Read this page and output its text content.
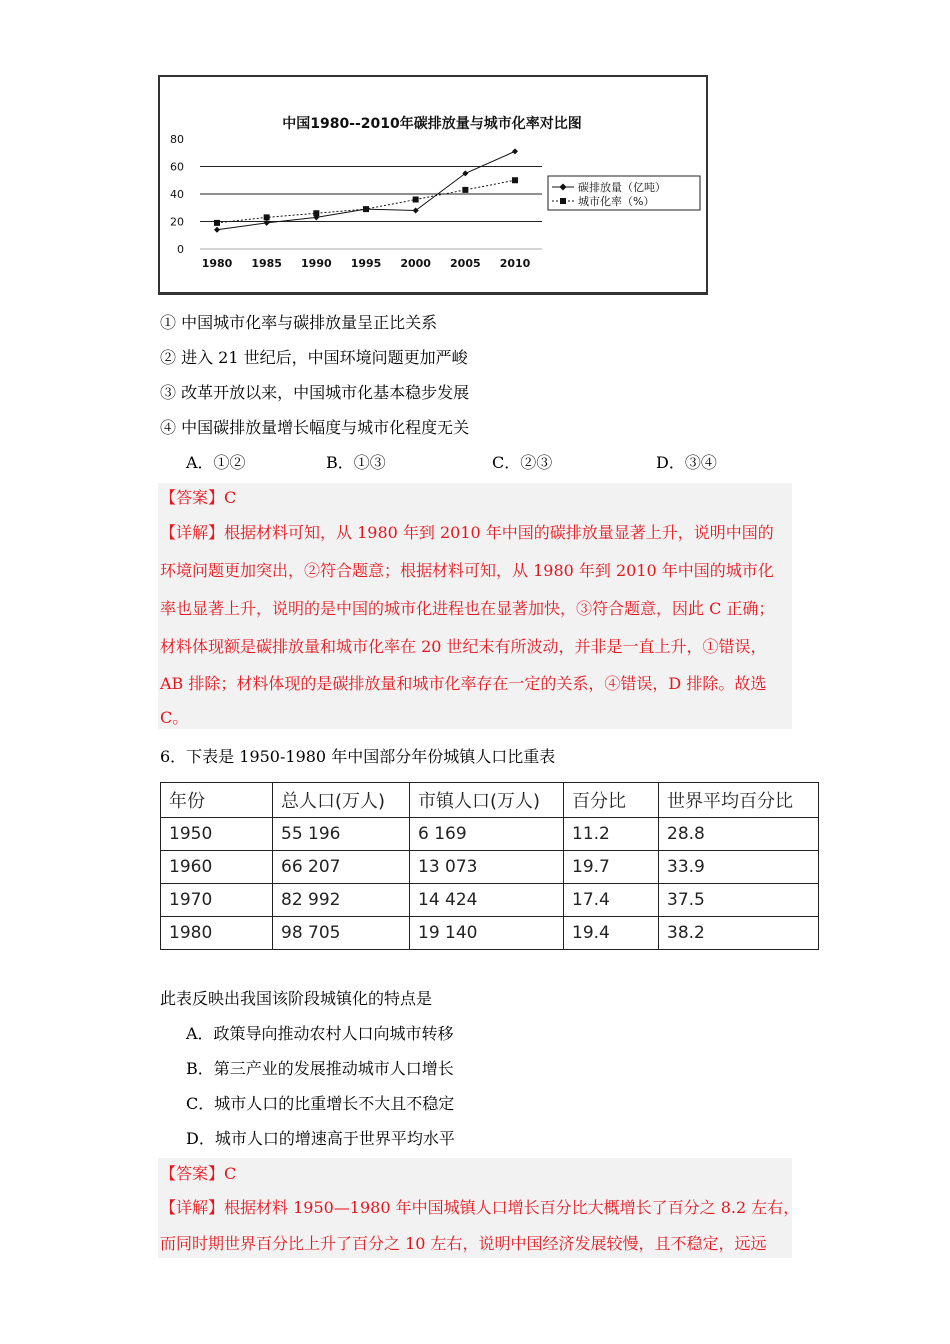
中国1980--2010年碳排放量与城市化率对比图
0
20
40
60
80
1980 1985 1990 1995 2000 2005 2010
碳排放量（亿吨）
城市化率（%）
① 中国城市化率与碳排放量呈正比关系
② 进入 21 世纪后，中国环境问题更加严峻
③ 改革开放以来，中国城市化基本稳步发展
④ 中国碳排放量增长幅度与城市化程度无关
A．①②	B．①③	C．②③	D．③④
【答案】C
【详解】根据材料可知，从 1980 年到 2010 年中国的碳排放量显著上升，说明中国的
环境问题更加突出，②符合题意；根据材料可知，从 1980 年到 2010 年中国的城市化
率也显著上升，说明的是中国的城市化进程也在显著加快，③符合题意，因此 C 正确；
材料体现额是碳排放量和城市化率在 20 世纪末有所波动，并非是一直上升，①错误，
AB 排除；材料体现的是碳排放量和城市化率存在一定的关系，④错误，D 排除。故选
C。
6．下表是 1950-1980 年中国部分年份城镇人口比重表
年份	总人口(万人)	市镇人口(万人)	百分比	世界平均百分比
1950	55 196	6 169	11.2	28.8
1960	66 207	13 073	19.7	33.9
1970	82 992	14 424	17.4	37.5
1980	98 705	19 140	19.4	38.2
此表反映出我国该阶段城镇化的特点是
A．政策导向推动农村人口向城市转移
B．第三产业的发展推动城市人口增长
C．城市人口的比重增长不大且不稳定
D．城市人口的增速高于世界平均水平
【答案】C
【详解】根据材料 1950—1980 年中国城镇人口增长百分比大概增长了百分之 8.2 左右，
而同时期世界百分比上升了百分之 10 左右，说明中国经济发展较慢，且不稳定，远远
